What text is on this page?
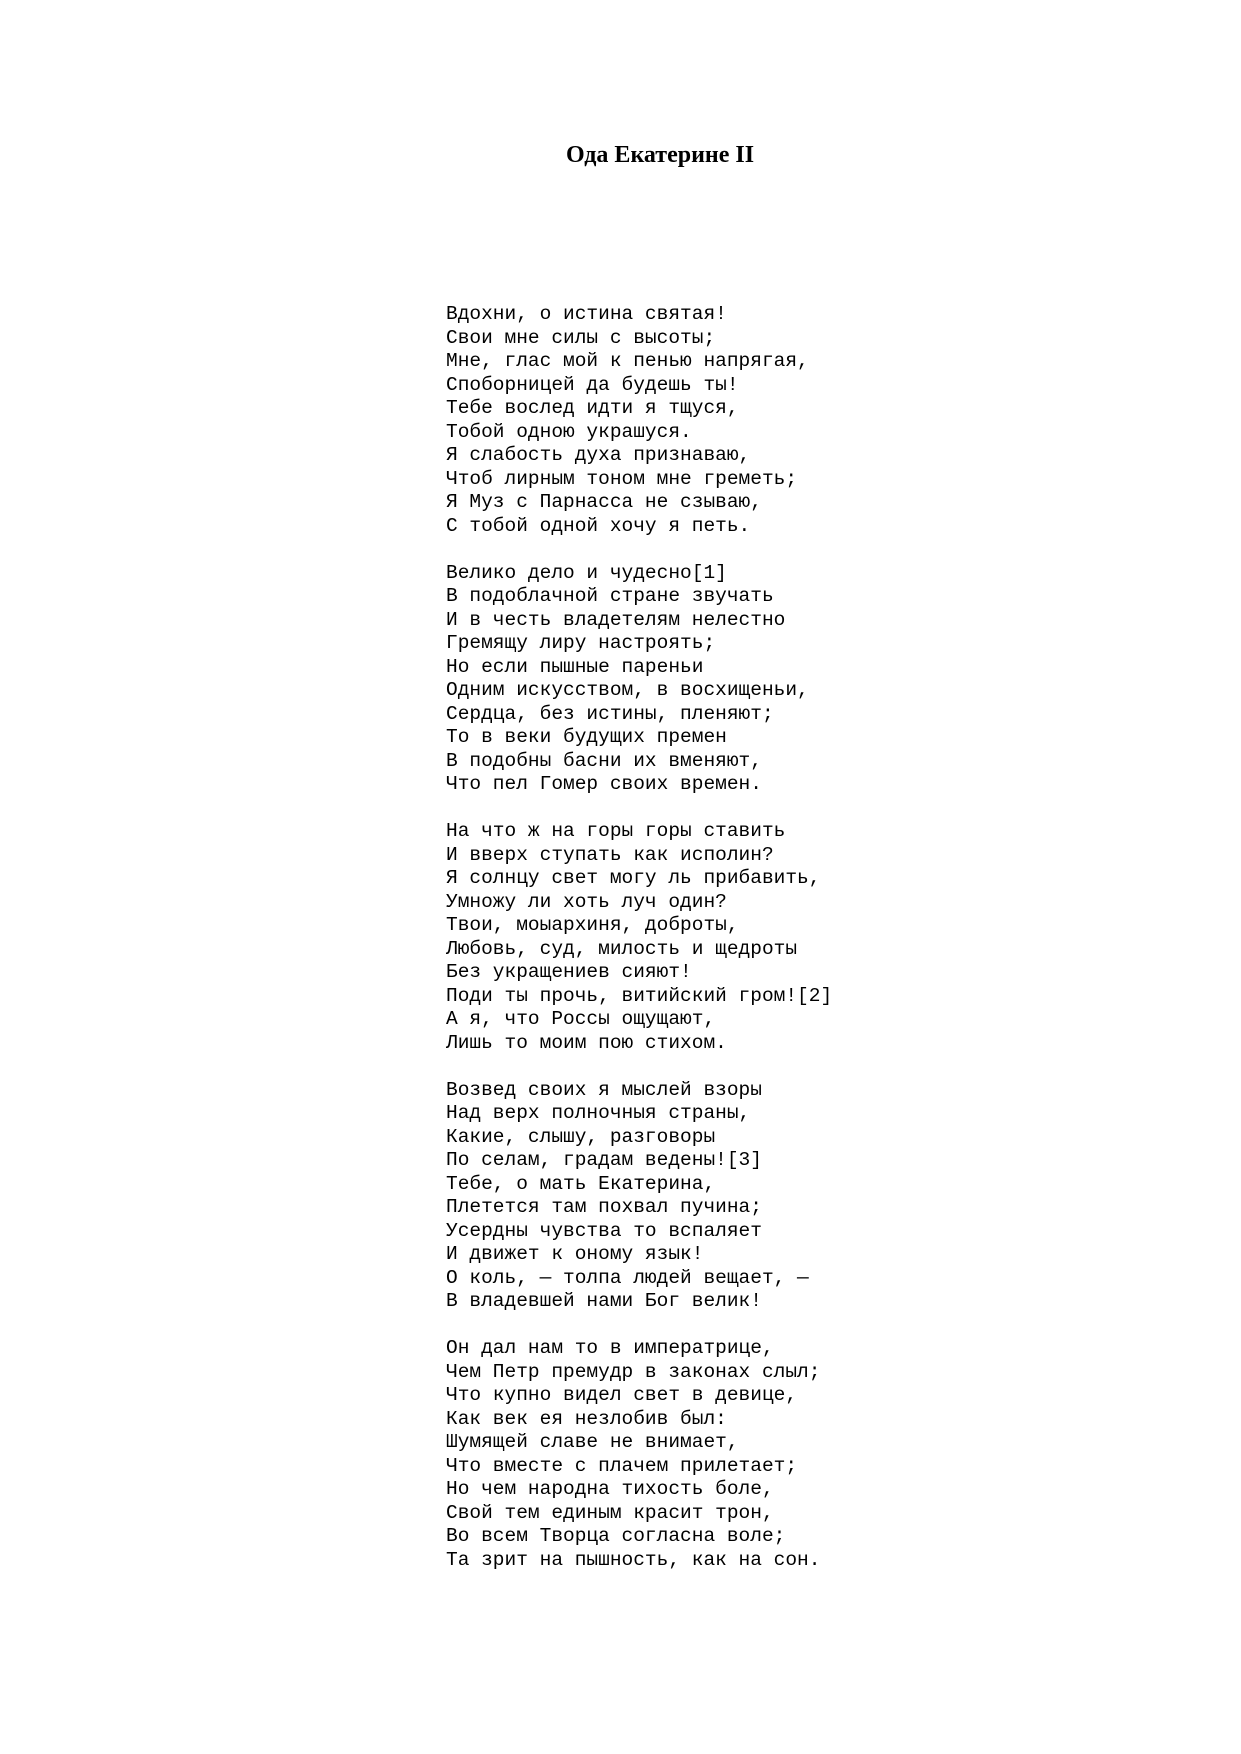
Ода Екатерине II
Вдохни, о истина святая!
Свои мне силы с высоты;
Мне, глас мой к пенью напрягая,
Споборницей да будешь ты!
Тебе вослед идти я тщуся,
Тобой одною украшуся.
Я слабость духа признаваю,
Чтоб лирным тоном мне греметь;
Я Муз с Парнасса не сзываю,
С тобой одной хочу я петь.
Велико дело и чудесно[1]
В подоблачной стране звучать
И в честь владетелям нелестно
Гремящу лиру настроять;
Но если пышные пареньи
Одним искусством, в восхищеньи,
Сердца, без истины, пленяют;
То в веки будущих премен
В подобны басни их вменяют,
Что пел Гомер своих времен.
На что ж на горы горы ставить
И вверх ступать как исполин?
Я солнцу свет могу ль прибавить,
Умножу ли хоть луч один?
Твои, моыархиня, доброты,
Любовь, суд, милость и щедроты
Без укращениев сияют!
Поди ты прочь, витийский гром![2]
А я, что Россы ощущают,
Лишь то моим пою стихом.
Возвед своих я мыслей взоры
Над верх полночныя страны,
Какие, слышу, разговоры
По селам, градам ведены![3]
Тебе, о мать Екатерина,
Плетется там похвал пучина;
Усердны чувства то вспаляет
И движет к оному язык!
О коль, — толпа людей вещает, —
В владевшей нами Бог велик!
Он дал нам то в императрице,
Чем Петр премудр в законах слыл;
Что купно видел свет в девице,
Как век ея незлобив был:
Шумящей славе не внимает,
Что вместе с плачем прилетает;
Но чем народна тихость боле,
Свой тем единым красит трон,
Во всем Творца согласна воле;
Та зрит на пышность, как на сон.
